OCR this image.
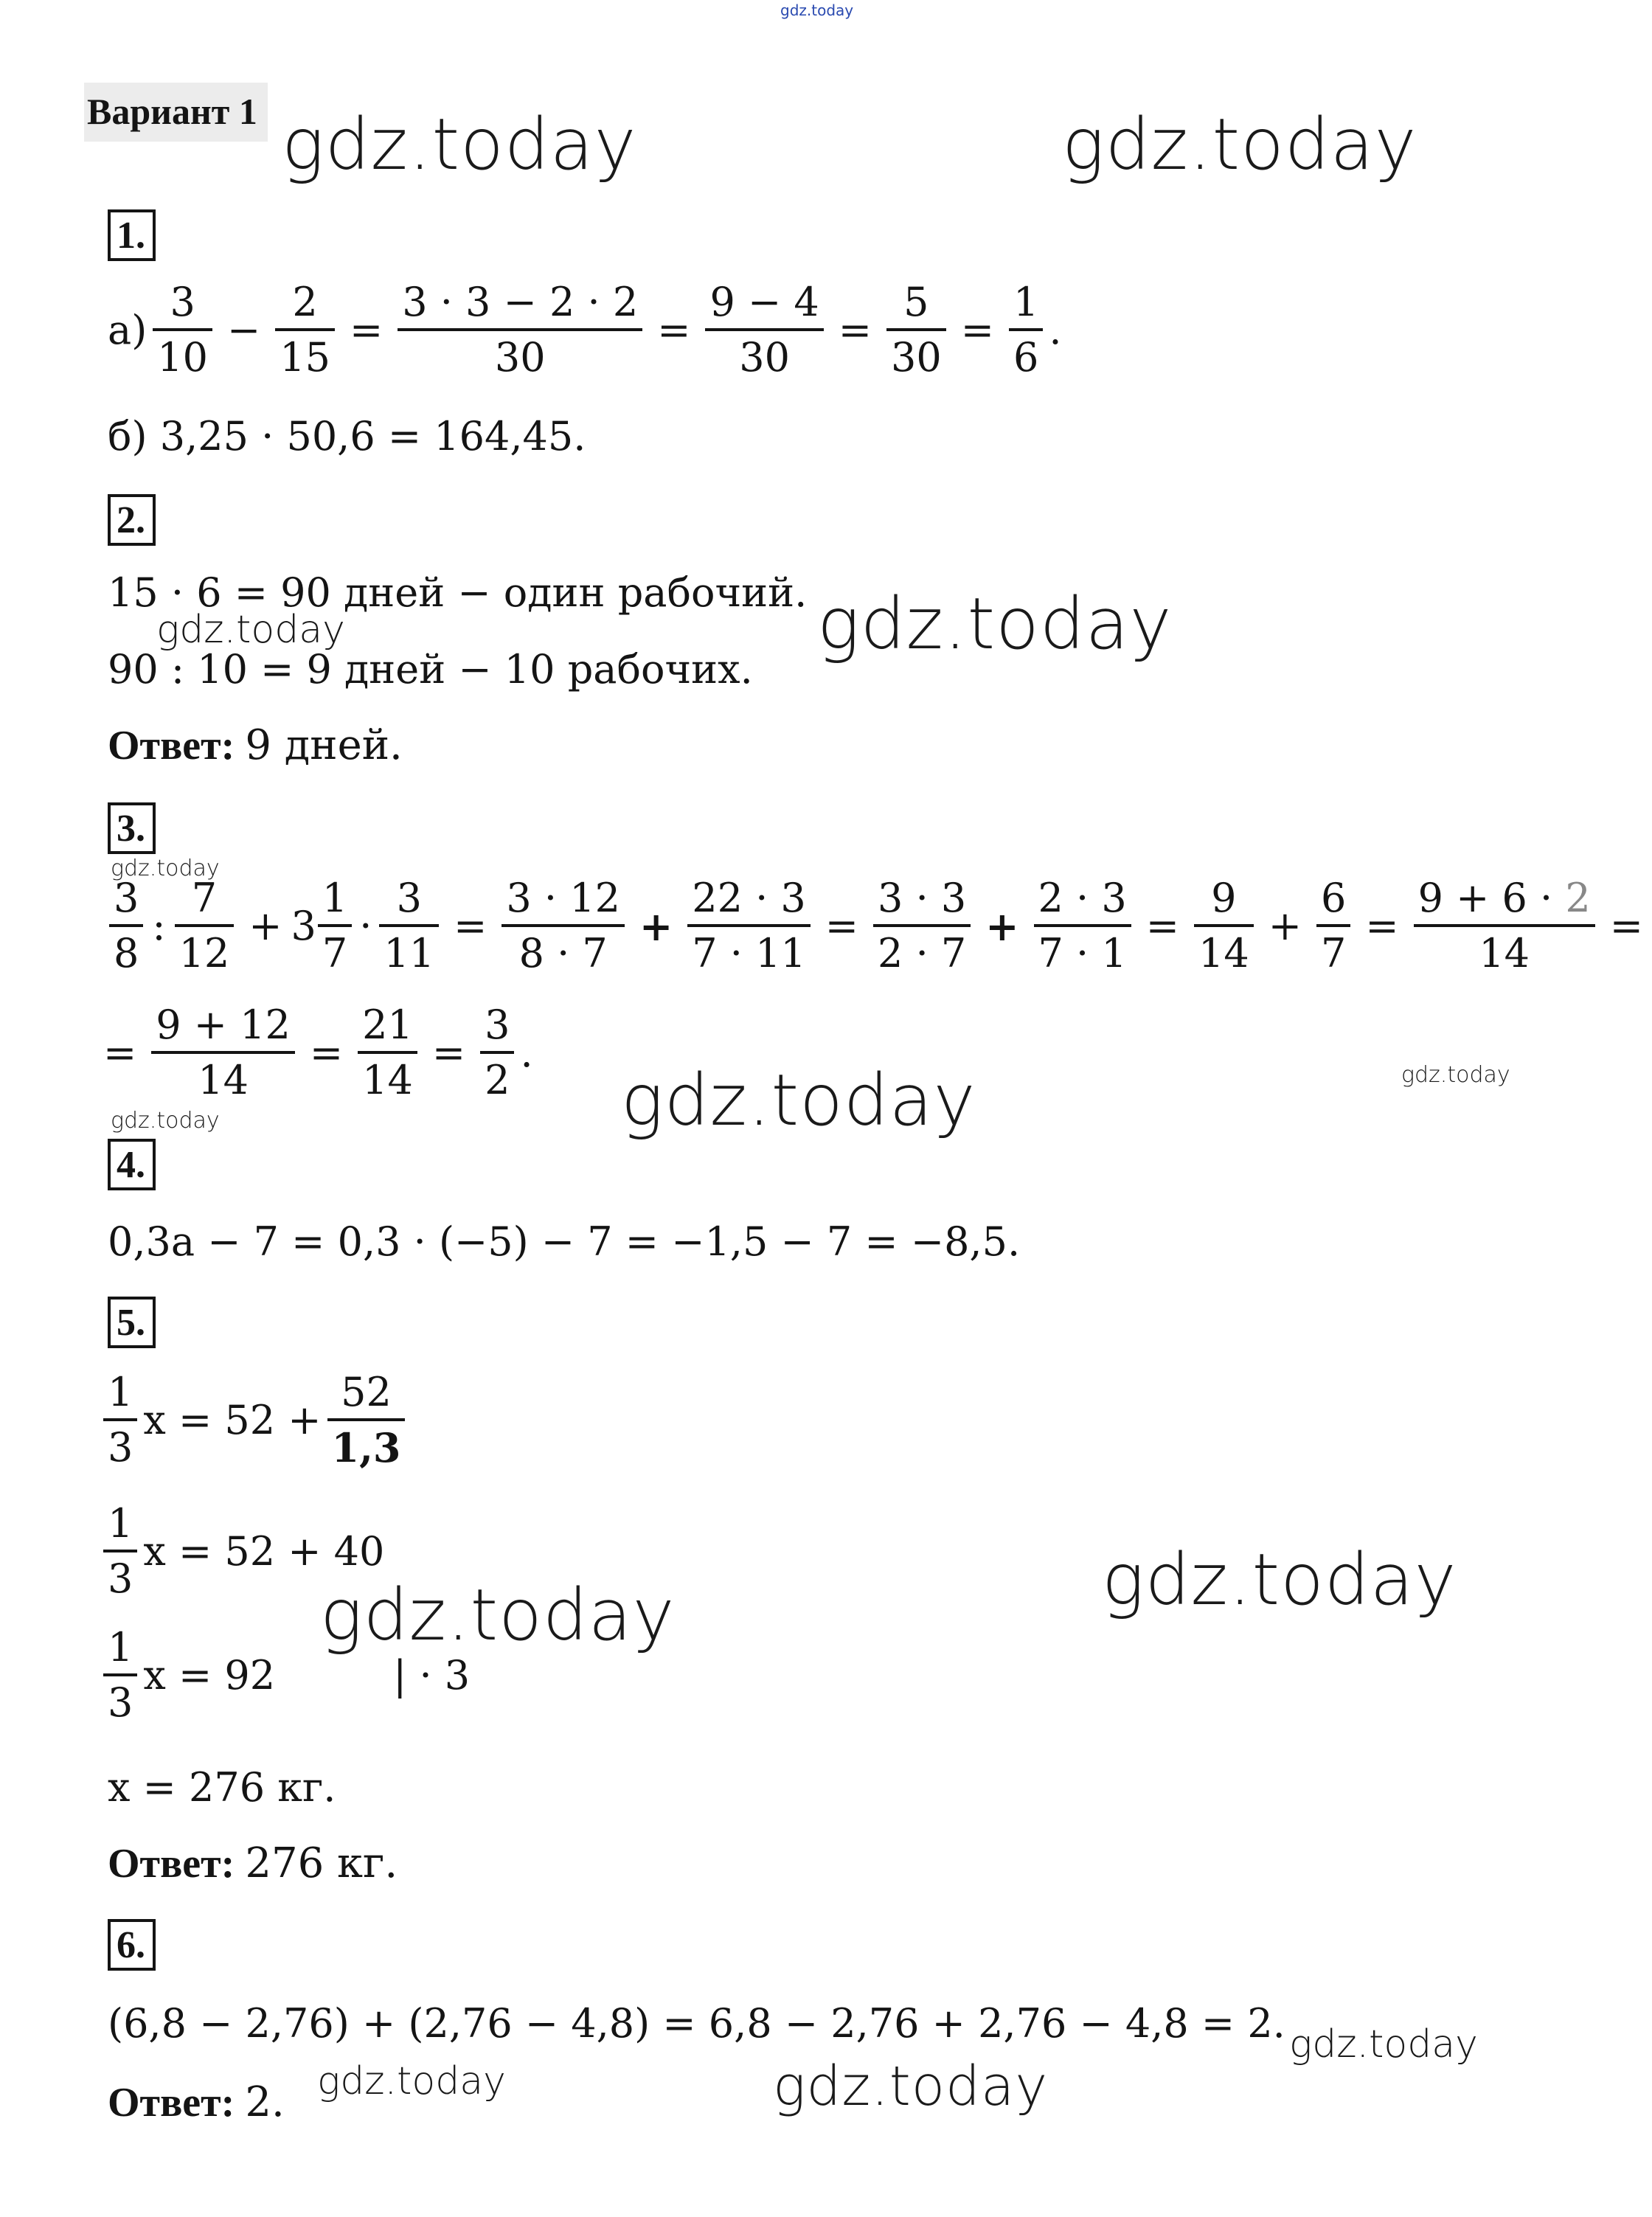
gdz.today
Вариант 1 gdz.today	gdz.today
gdz.today
gdz.today
gdz.today
gdz.today	gdz.today
gdz.today
gdz.today
gdz.today
gdz.today
gdz.today	gdz.today
1.
$а) \frac{3}{10} - \frac{2}{15} = \frac{3 \cdot 3 - 2 \cdot 2}{30} = \frac{9 - 4}{30} = \frac{5}{30} = \frac{1}{6}$ .
б) 3,25 · 50,6 = 164,45.
2.
15 · 6 = 90 дней − один рабочий.
90 : 10 = 9 дней − 10 рабочих.
Ответ: 9 дней.
3.
$\frac{3}{8}$ : $\frac{7}{12} + 3 \frac{1}{7} \cdot \frac{3}{11} = \frac{3 \cdot 12}{8 \cdot 7} + \frac{22 \cdot 3}{7 \cdot 11} = \frac{3 \cdot 3}{2 \cdot 7} + \frac{2 \cdot 3}{7 \cdot 1} = \frac{9}{14} + \frac{6}{7} = \frac{9 + 6 \cdot 2}{14}$ =
= $\frac{9 + 12}{14} = \frac{21}{14} = \frac{3}{2}$ .
4.
0,3a − 7 = 0,3 · (−5) − 7 = −1,5 − 7 = −8,5.
5.
$\frac{1}{3}$ $x = 52 + \frac{52}{1,3}$
$\frac{1}{3}$ x = 52 + 40
$\frac{1}{3}$ x = 92	| · 3
x = 276 кг.
Ответ: 276 кг.
6.
(6,8 − 2,76) + (2,76 − 4,8) = 6,8 − 2,76 + 2,76 − 4,8 = 2.
Ответ: 2.
